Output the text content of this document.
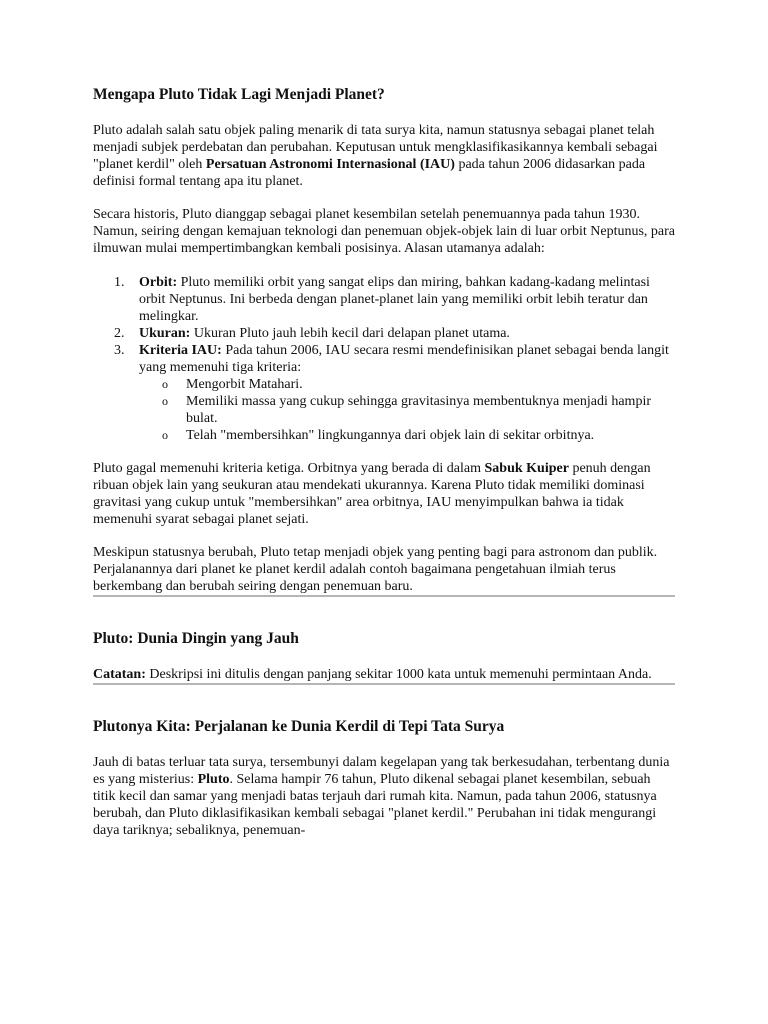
Mengapa Pluto Tidak Lagi Menjadi Planet?

Pluto adalah salah satu objek paling menarik di tata surya kita, namun statusnya sebagai planet telah menjadi subjek perdebatan dan perubahan. Keputusan untuk mengklasifikasikannya kembali sebagai "planet kerdil" oleh Persatuan Astronomi Internasional (IAU) pada tahun 2006 didasarkan pada definisi formal tentang apa itu planet.

Secara historis, Pluto dianggap sebagai planet kesembilan setelah penemuannya pada tahun 1930. Namun, seiring dengan kemajuan teknologi dan penemuan objek-objek lain di luar orbit Neptunus, para ilmuwan mulai mempertimbangkan kembali posisinya. Alasan utamanya adalah:

1. Orbit: Pluto memiliki orbit yang sangat elips dan miring, bahkan kadang-kadang melintasi orbit Neptunus. Ini berbeda dengan planet-planet lain yang memiliki orbit lebih teratur dan melingkar.
2. Ukuran: Ukuran Pluto jauh lebih kecil dari delapan planet utama.
3. Kriteria IAU: Pada tahun 2006, IAU secara resmi mendefinisikan planet sebagai benda langit yang memenuhi tiga kriteria:
o Mengorbit Matahari.
o Memiliki massa yang cukup sehingga gravitasinya membentuknya menjadi hampir bulat.
o Telah "membersihkan" lingkungannya dari objek lain di sekitar orbitnya.

Pluto gagal memenuhi kriteria ketiga. Orbitnya yang berada di dalam Sabuk Kuiper penuh dengan ribuan objek lain yang seukuran atau mendekati ukurannya. Karena Pluto tidak memiliki dominasi gravitasi yang cukup untuk "membersihkan" area orbitnya, IAU menyimpulkan bahwa ia tidak memenuhi syarat sebagai planet sejati.

Meskipun statusnya berubah, Pluto tetap menjadi objek yang penting bagi para astronom dan publik. Perjalanannya dari planet ke planet kerdil adalah contoh bagaimana pengetahuan ilmiah terus berkembang dan berubah seiring dengan penemuan baru.

Pluto: Dunia Dingin yang Jauh

Catatan: Deskripsi ini ditulis dengan panjang sekitar 1000 kata untuk memenuhi permintaan Anda.

Plutonya Kita: Perjalanan ke Dunia Kerdil di Tepi Tata Surya

Jauh di batas terluar tata surya, tersembunyi dalam kegelapan yang tak berkesudahan, terbentang dunia es yang misterius: Pluto. Selama hampir 76 tahun, Pluto dikenal sebagai planet kesembilan, sebuah titik kecil dan samar yang menjadi batas terjauh dari rumah kita. Namun, pada tahun 2006, statusnya berubah, dan Pluto diklasifikasikan kembali sebagai "planet kerdil." Perubahan ini tidak mengurangi daya tariknya; sebaliknya, penemuan-
